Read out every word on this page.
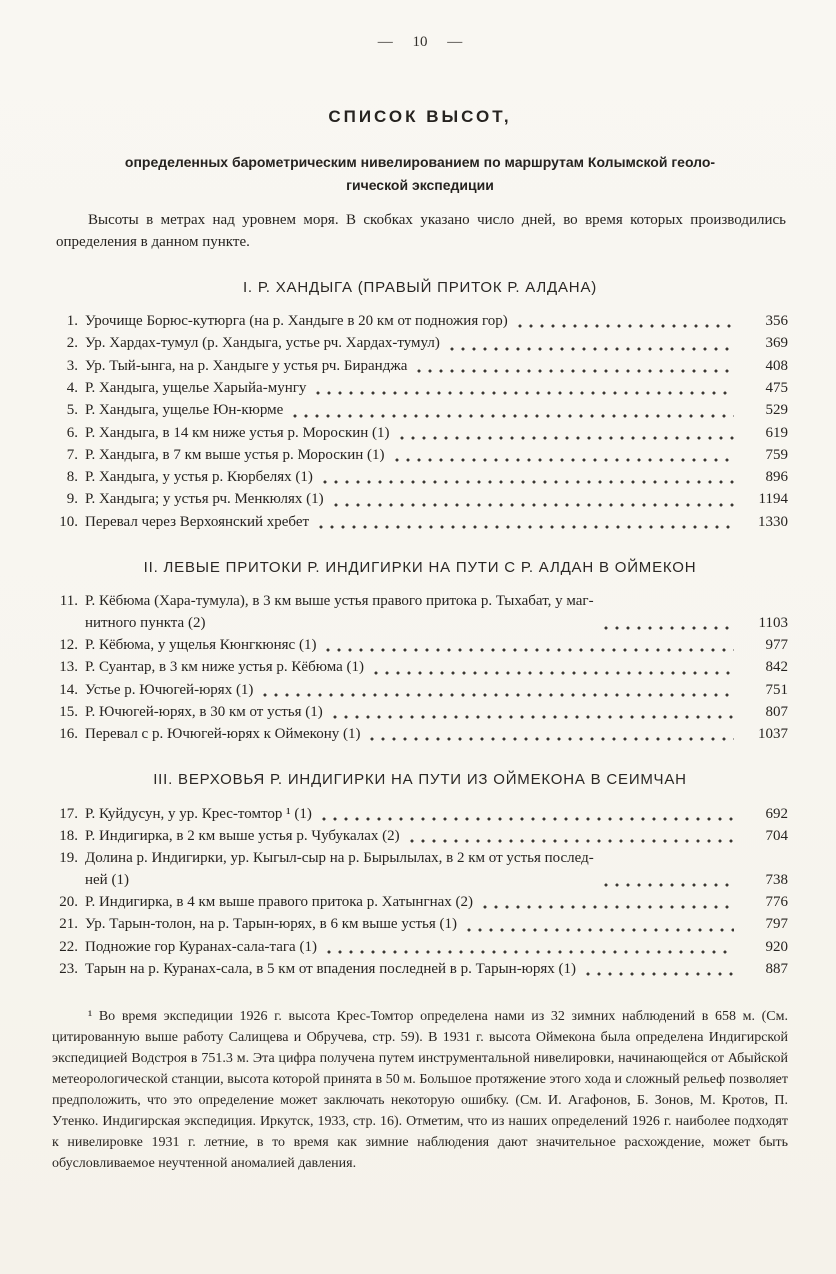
— 10 —
СПИСОК ВЫСОТ,
определенных барометрическим нивелированием по маршрутам Колымской геоло-
гической экспедиции

Высоты в метрах над уровнем моря. В скобках указано число дней, во время которых производились определения в данном пункте.

I. Р. ХАНДЫГА (ПРАВЫЙ ПРИТОК Р. АЛДАНА)
1. Урочище Борюс-кутюрга (на р. Хандыге в 20 км от подножия гор)	356
2. Ур. Хардах-тумул (р. Хандыга, устье рч. Хардах-тумул)	369
3. Ур. Тый-ынга, на р. Хандыге у устья рч. Биранджа	408
4. Р. Хандыга, ущелье Харыйа-мунгу	475
5. Р. Хандыга, ущелье Юн-кюрме	529
6. Р. Хандыга, в 14 км ниже устья р. Мороскин (1)	619
7. Р. Хандыга, в 7 км выше устья р. Мороскин (1)	759
8. Р. Хандыга, у устья р. Кюрбелях (1)	896
9. Р. Хандыга; у устья рч. Менкюлях (1)	1194
10. Перевал через Верхоянский хребет	1330
II. ЛЕВЫЕ ПРИТОКИ Р. ИНДИГИРКИ НА ПУТИ С Р. АЛДАН В ОЙМЕКОН
11. Р. Кёбюма (Хара-тумула), в 3 км выше устья правого притока р. Тыхабат, у маг-
нитного пункта (2)	1103
12. Р. Кёбюма, у ущелья Кюнгкюняс (1)	977
13. Р. Суантар, в 3 км ниже устья р. Кёбюма (1)	842
14. Устье р. Ючюгей-юрях (1)	751
15. Р. Ючюгей-юрях, в 30 км от устья (1)	807
16. Перевал с р. Ючюгей-юрях к Оймекону (1)	1037
III. ВЕРХОВЬЯ Р. ИНДИГИРКИ НА ПУТИ ИЗ ОЙМЕКОНА В СЕИМЧАН
17. Р. Куйдусун, у ур. Крес-томтор ¹ (1)	692
18. Р. Индигирка, в 2 км выше устья р. Чубукалах (2)	704
19. Долина р. Индигирки, ур. Кыгыл-сыр на р. Бырылылах, в 2 км от устья послед-
ней (1)	738
20. Р. Индигирка, в 4 км выше правого притока р. Хатынгнах (2)	776
21. Ур. Тарын-толон, на р. Тарын-юрях, в 6 км выше устья (1)	797
22. Подножие гор Куранах-сала-тага (1)	920
23. Тарын на р. Куранах-сала, в 5 км от впадения последней в р. Тарын-юрях (1)	887

¹ Во время экспедиции 1926 г. высота Крес-Томтор определена нами из 32 зимних наблюдений в 658 м. (См. цитированную выше работу Салищева и Обручева, стр. 59). В 1931 г. высота Оймекона была определена Индигирской экспедицией Водстроя в 751.3 м. Эта цифра получена путем инструментальной нивелировки, начинающейся от Абыйской метеорологической станции, высота которой принята в 50 м. Большое протяжение этого хода и сложный рельеф позволяет предположить, что это определение может заключать некоторую ошибку. (См. И. Агафонов, Б. Зонов, М. Кротов, П. Утенко. Индигирская экспедиция. Иркутск, 1933, стр. 16). Отметим, что из наших определений 1926 г. наиболее подходят к нивелировке 1931 г. летние, в то время как зимние наблюдения дают значительное расхождение, может быть обусловливаемое неучтенной аномалией давления.
